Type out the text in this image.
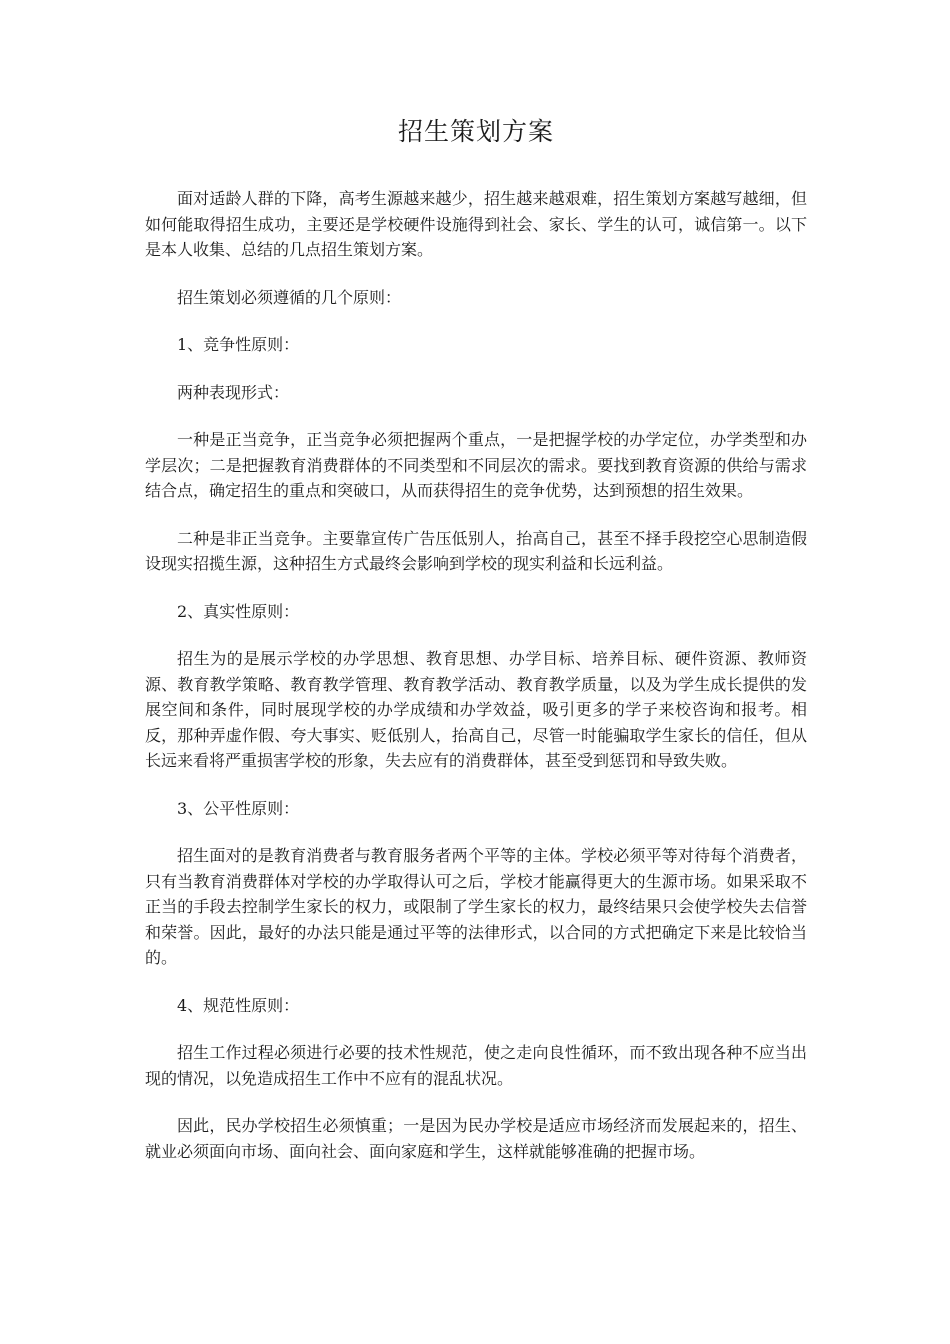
招生策划方案

面对适龄人群的下降，高考生源越来越少，招生越来越艰难，招生策划方案越写越细，但如何能取得招生成功，主要还是学校硬件设施得到社会、家长、学生的认可，诚信第一。以下是本人收集、总结的几点招生策划方案。

招生策划必须遵循的几个原则：

1、竞争性原则：

两种表现形式：

一种是正当竞争，正当竞争必须把握两个重点，一是把握学校的办学定位，办学类型和办学层次；二是把握教育消费群体的不同类型和不同层次的需求。要找到教育资源的供给与需求结合点，确定招生的重点和突破口，从而获得招生的竞争优势，达到预想的招生效果。

二种是非正当竞争。主要靠宣传广告压低别人，抬高自己，甚至不择手段挖空心思制造假设现实招揽生源，这种招生方式最终会影响到学校的现实利益和长远利益。

2、真实性原则：

招生为的是展示学校的办学思想、教育思想、办学目标、培养目标、硬件资源、教师资源、教育教学策略、教育教学管理、教育教学活动、教育教学质量，以及为学生成长提供的发展空间和条件，同时展现学校的办学成绩和办学效益，吸引更多的学子来校咨询和报考。相反，那种弄虚作假、夸大事实、贬低别人，抬高自己，尽管一时能骗取学生家长的信任，但从长远来看将严重损害学校的形象，失去应有的消费群体，甚至受到惩罚和导致失败。

3、公平性原则：

招生面对的是教育消费者与教育服务者两个平等的主体。学校必须平等对待每个消费者，只有当教育消费群体对学校的办学取得认可之后，学校才能赢得更大的生源市场。如果采取不正当的手段去控制学生家长的权力，或限制了学生家长的权力，最终结果只会使学校失去信誉和荣誉。因此，最好的办法只能是通过平等的法律形式，以合同的方式把确定下来是比较恰当的。

4、规范性原则：

招生工作过程必须进行必要的技术性规范，使之走向良性循环，而不致出现各种不应当出现的情况，以免造成招生工作中不应有的混乱状况。

因此，民办学校招生必须慎重；一是因为民办学校是适应市场经济而发展起来的，招生、就业必须面向市场、面向社会、面向家庭和学生，这样就能够准确的把握市场。
